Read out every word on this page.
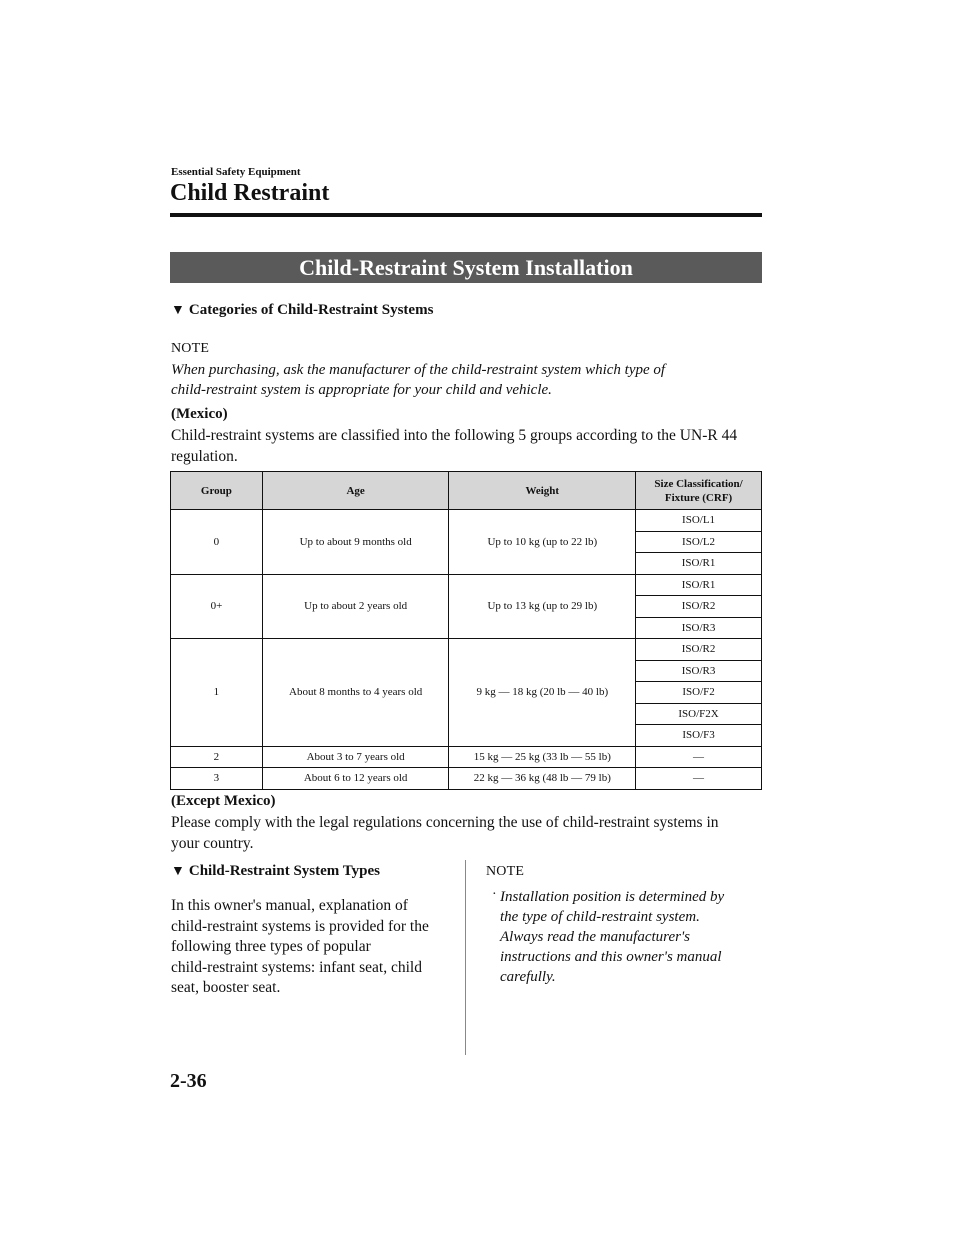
Essential Safety Equipment
Child Restraint
Child-Restraint System Installation
▼ Categories of Child-Restraint Systems
NOTE
When purchasing, ask the manufacturer of the child-restraint system which type of
child-restraint system is appropriate for your child and vehicle.
(Mexico)
Child-restraint systems are classified into the following 5 groups according to the UN-R 44
regulation.
Group	Age	Weight	Size Classification/
Fixture (CRF)

0	Up to about 9 months old	Up to 10 kg (up to 22 lb)	ISO/L1
			ISO/L2
			ISO/R1
0+	Up to about 2 years old	Up to 13 kg (up to 29 lb)	ISO/R1
			ISO/R2
			ISO/R3
1	About 8 months to 4 years old	9 kg — 18 kg (20 lb — 40 lb)	ISO/R2
			ISO/R3
			ISO/F2
			ISO/F2X
			ISO/F3
2	About 3 to 7 years old	15 kg — 25 kg (33 lb — 55 lb)	—
3	About 6 to 12 years old	22 kg — 36 kg (48 lb — 79 lb)	—
(Except Mexico)
Please comply with the legal regulations concerning the use of child-restraint systems in
your country.
▼ Child-Restraint System Types
In this owner's manual, explanation of
child-restraint systems is provided for the
following three types of popular
child-restraint systems: infant seat, child
seat, booster seat.
NOTE
· Installation position is determined by
the type of child-restraint system.
Always read the manufacturer's
instructions and this owner's manual
carefully.
2-36
